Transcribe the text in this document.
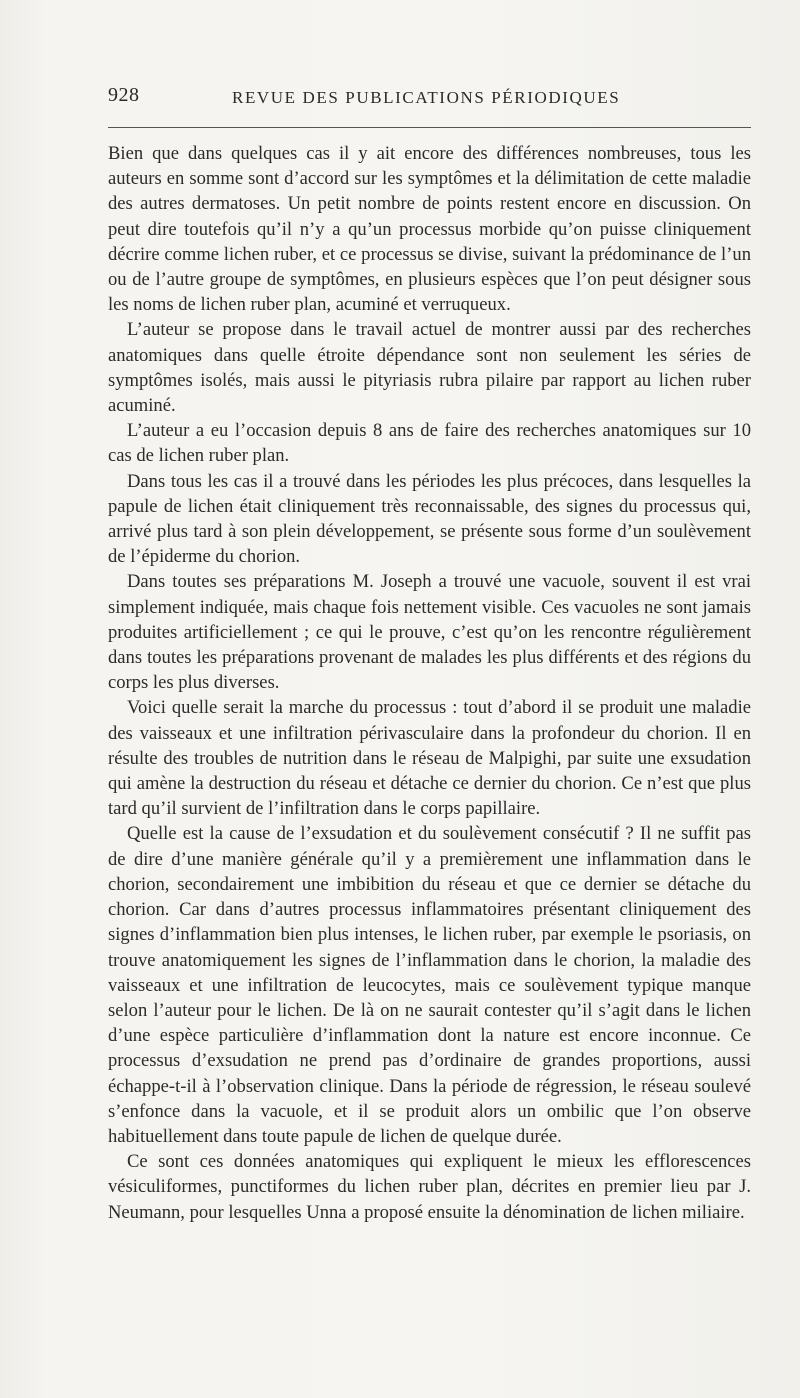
928	REVUE DES PUBLICATIONS PÉRIODIQUES

Bien que dans quelques cas il y ait encore des différences nombreuses, tous les auteurs en somme sont d’accord sur les symptômes et la délimitation de cette maladie des autres dermatoses. Un petit nombre de points restent encore en discussion. On peut dire toutefois qu’il n’y a qu’un processus morbide qu’on puisse cliniquement décrire comme lichen ruber, et ce processus se divise, suivant la prédominance de l’un ou de l’autre groupe de symptômes, en plusieurs espèces que l’on peut désigner sous les noms de lichen ruber plan, acuminé et verruqueux.

L’auteur se propose dans le travail actuel de montrer aussi par des recherches anatomiques dans quelle étroite dépendance sont non seulement les séries de symptômes isolés, mais aussi le pityriasis rubra pilaire par rapport au lichen ruber acuminé.

L’auteur a eu l’occasion depuis 8 ans de faire des recherches anatomiques sur 10 cas de lichen ruber plan.

Dans tous les cas il a trouvé dans les périodes les plus précoces, dans lesquelles la papule de lichen était cliniquement très reconnaissable, des signes du processus qui, arrivé plus tard à son plein développement, se présente sous forme d’un soulèvement de l’épiderme du chorion.

Dans toutes ses préparations M. Joseph a trouvé une vacuole, souvent il est vrai simplement indiquée, mais chaque fois nettement visible. Ces vacuoles ne sont jamais produites artificiellement ; ce qui le prouve, c’est qu’on les rencontre régulièrement dans toutes les préparations provenant de malades les plus différents et des régions du corps les plus diverses.

Voici quelle serait la marche du processus : tout d’abord il se produit une maladie des vaisseaux et une infiltration périvasculaire dans la profondeur du chorion. Il en résulte des troubles de nutrition dans le réseau de Malpighi, par suite une exsudation qui amène la destruction du réseau et détache ce dernier du chorion. Ce n’est que plus tard qu’il survient de l’infiltration dans le corps papillaire.

Quelle est la cause de l’exsudation et du soulèvement consécutif ? Il ne suffit pas de dire d’une manière générale qu’il y a premièrement une inflammation dans le chorion, secondairement une imbibition du réseau et que ce dernier se détache du chorion. Car dans d’autres processus inflammatoires présentant cliniquement des signes d’inflammation bien plus intenses, le lichen ruber, par exemple le psoriasis, on trouve anatomiquement les signes de l’inflammation dans le chorion, la maladie des vaisseaux et une infiltration de leucocytes, mais ce soulèvement typique manque selon l’auteur pour le lichen. De là on ne saurait contester qu’il s’agit dans le lichen d’une espèce particulière d’inflammation dont la nature est encore inconnue. Ce processus d’exsudation ne prend pas d’ordinaire de grandes proportions, aussi échappe-t-il à l’observation clinique. Dans la période de régression, le réseau soulevé s’enfonce dans la vacuole, et il se produit alors un ombilic que l’on observe habituellement dans toute papule de lichen de quelque durée.

Ce sont ces données anatomiques qui expliquent le mieux les efflorescences vésiculiformes, punctiformes du lichen ruber plan, décrites en premier lieu par J. Neumann, pour lesquelles Unna a proposé ensuite la dénomination de lichen miliaire.
